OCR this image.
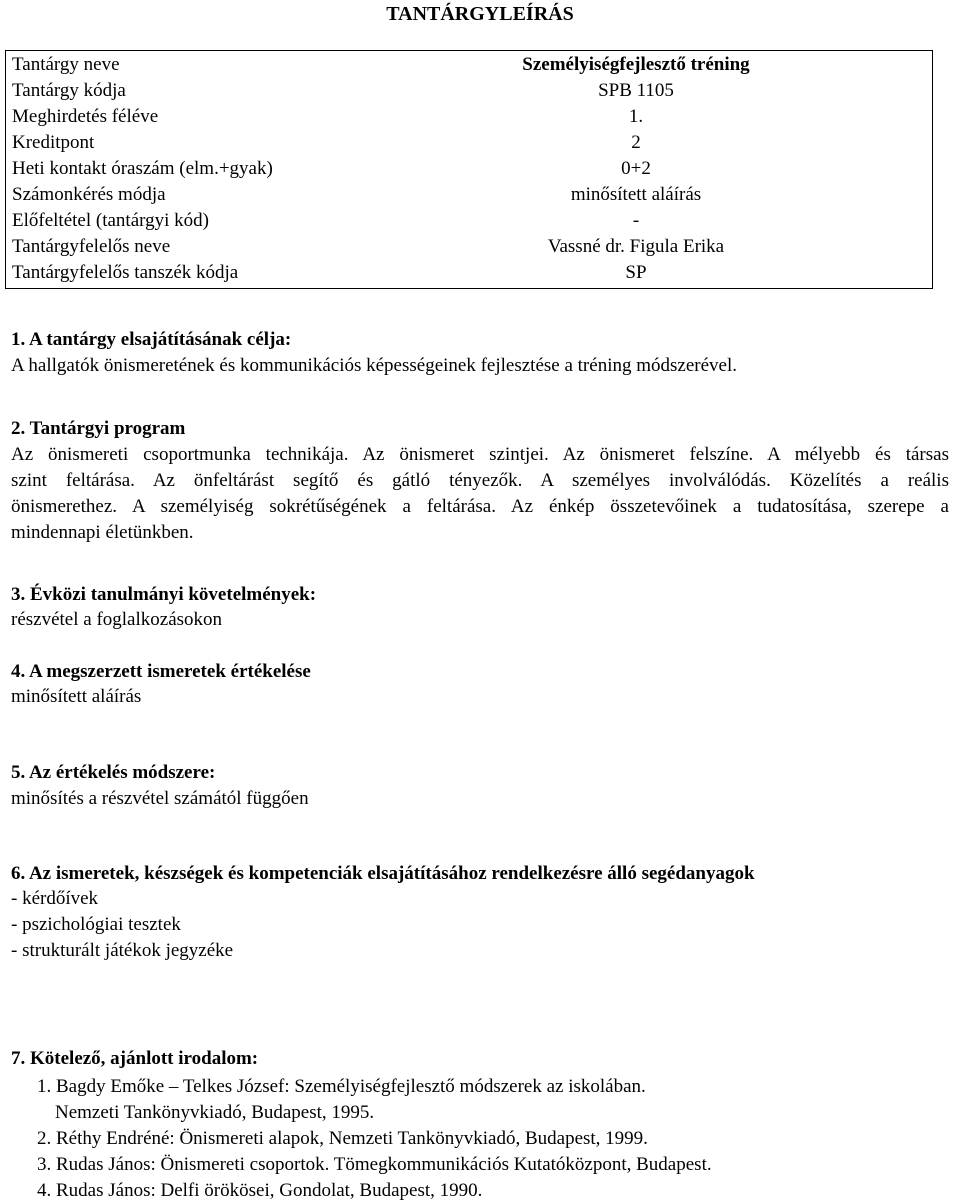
TANTÁRGYLEÍRÁS
Tantárgy neve	Személyiségfejlesztő tréning
Tantárgy kódja	SPB 1105
Meghirdetés féléve	1.
Kreditpont	2
Heti kontakt óraszám (elm.+gyak)	0+2
Számonkérés módja	minősített aláírás
Előfeltétel (tantárgyi kód)	-
Tantárgyfelelős neve	Vassné dr. Figula Erika
Tantárgyfelelős tanszék kódja	SP
1. A tantárgy elsajátításának célja:
A hallgatók önismeretének és kommunikációs képességeinek fejlesztése a tréning módszerével.
2. Tantárgyi program
Az önismereti csoportmunka technikája. Az önismeret szintjei. Az önismeret felszíne. A mélyebb és társas
szint feltárása. Az önfeltárást segítő és gátló tényezők. A személyes involválódás. Közelítés a reális
önismerethez. A személyiség sokrétűségének a feltárása. Az énkép összetevőinek a tudatosítása, szerepe a
mindennapi életünkben.
3. Évközi tanulmányi követelmények:
részvétel a foglalkozásokon
4. A megszerzett ismeretek értékelése
minősített aláírás
5. Az értékelés módszere:
minősítés a részvétel számától függően
6. Az ismeretek, készségek és kompetenciák elsajátításához rendelkezésre álló segédanyagok
- kérdőívek
- pszichológiai tesztek
- strukturált játékok jegyzéke
7. Kötelező, ajánlott irodalom:
1. Bagdy Emőke – Telkes József: Személyiségfejlesztő módszerek az iskolában.
Nemzeti Tankönyvkiadó, Budapest, 1995.
2. Réthy Endréné: Önismereti alapok, Nemzeti Tankönyvkiadó, Budapest, 1999.
3. Rudas János: Önismereti csoportok. Tömegkommunikációs Kutatóközpont, Budapest.
4. Rudas János: Delfi örökösei, Gondolat, Budapest, 1990.
